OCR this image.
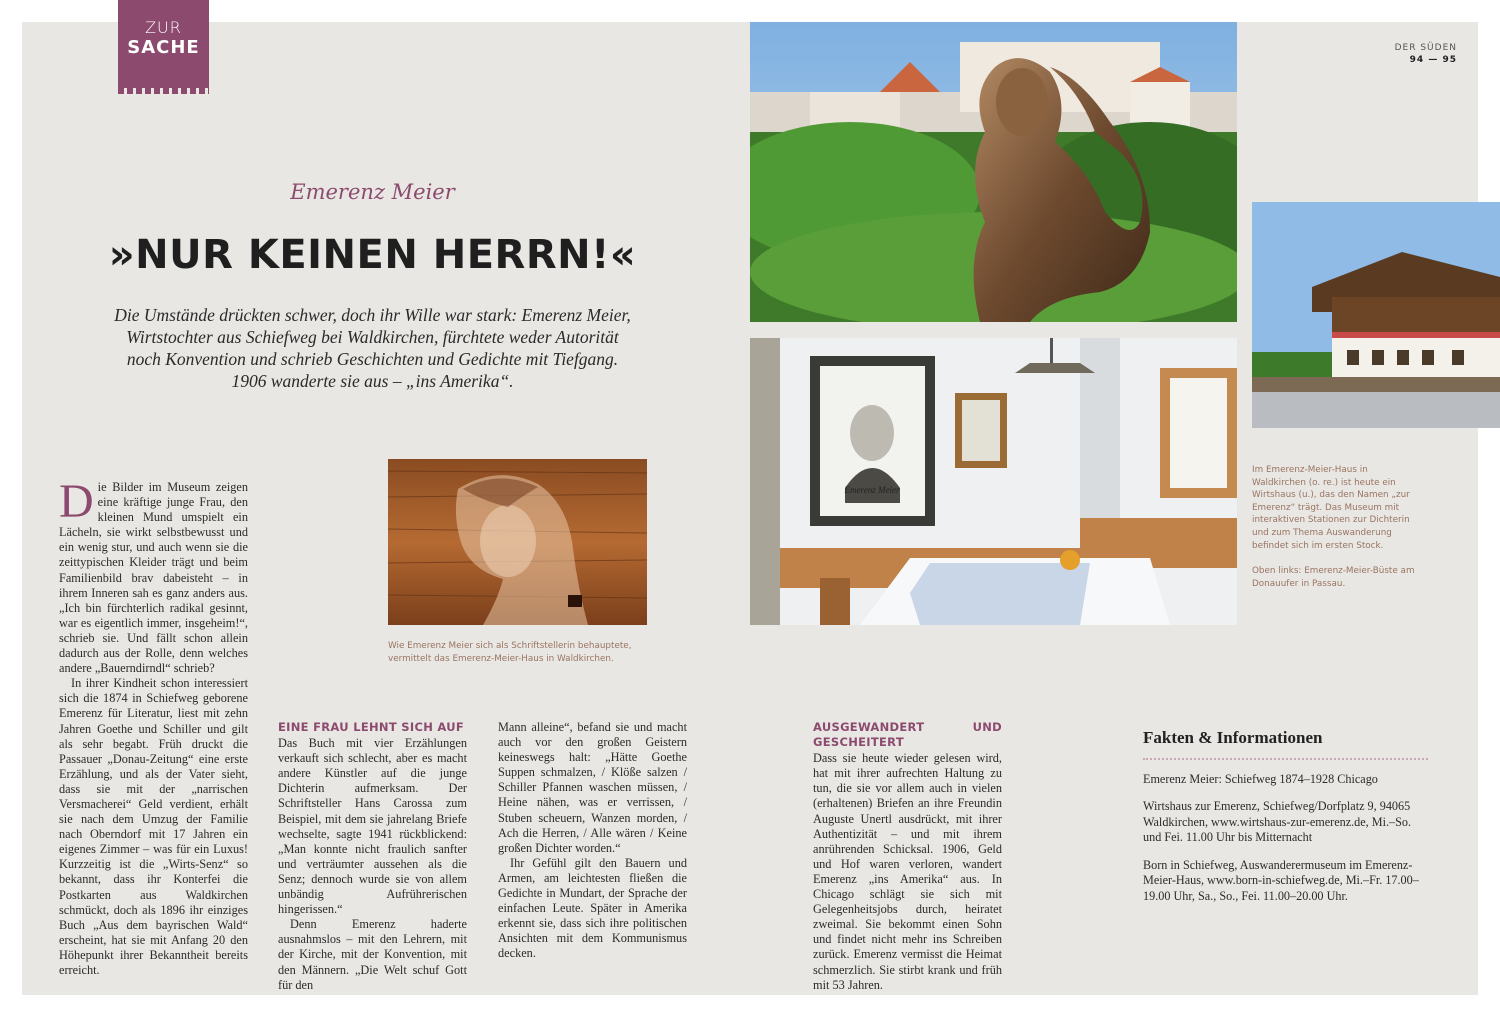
ZUR
SACHE	DER SÜDEN
94 — 95
Emerenz Meier
»NUR KEINEN HERRN!«
Die Umstände drückten schwer, doch ihr Wille war stark: Emerenz Meier, Wirtstochter aus Schiefweg bei Waldkirchen, fürchtete weder Autorität noch Konvention und schrieb Geschichten und Gedichte mit Tiefgang. 1906 wanderte sie aus – „ins Amerika“.
Wie Emerenz Meier sich als Schriftstellerin behauptete, vermittelt das Emerenz-Meier-Haus in Waldkirchen.
Emerenz Meier
Im Emerenz-Meier-Haus in Waldkirchen (o. re.) ist heute ein Wirtshaus (u.), das den Namen „zur Emerenz“ trägt. Das Museum mit interaktiven Stationen zur Dichterin und zum Thema Auswanderung befindet sich im ersten Stock.
Oben links: Emerenz-Meier-Büste am Donauufer in Passau.

Die Bilder im Museum zeigen eine kräftige junge Frau, den kleinen Mund umspielt ein Lächeln, sie wirkt selbstbewusst und ein wenig stur, und auch wenn sie die zeittypischen Kleider trägt und beim Familienbild brav dabeisteht – in ihrem Inneren sah es ganz anders aus. „Ich bin fürchterlich radikal gesinnt, war es eigentlich immer, insgeheim!“, schrieb sie. Und fällt schon allein dadurch aus der Rolle, denn welches andere „Bauerndirndl“ schrieb?

In ihrer Kindheit schon interessiert sich die 1874 in Schiefweg geborene Emerenz für Literatur, liest mit zehn Jahren Goethe und Schiller und gilt als sehr begabt. Früh druckt die Passauer „Donau-Zeitung“ eine erste Erzählung, und als der Vater sieht, dass sie mit der „narrischen Versmacherei“ Geld verdient, erhält sie nach dem Umzug der Familie nach Oberndorf mit 17 Jahren ein eigenes Zimmer – was für ein Luxus! Kurzzeitig ist die „Wirts-Senz“ so bekannt, dass ihr Konterfei die Postkarten aus Waldkirchen schmückt, doch als 1896 ihr einziges Buch „Aus dem bayrischen Wald“ erscheint, hat sie mit Anfang 20 den Höhepunkt ihrer Bekanntheit bereits erreicht.

EINE FRAU LEHNT SICH AUF

Das Buch mit vier Erzählungen verkauft sich schlecht, aber es macht andere Künstler auf die junge Dichterin aufmerksam. Der Schriftsteller Hans Carossa zum Beispiel, mit dem sie jahrelang Briefe wechselte, sagte 1941 rückblickend: „Man konnte nicht fraulich sanfter und verträumter aussehen als die Senz; dennoch wurde sie von allem unbändig Aufrührerischen hingerissen.“

Denn Emerenz haderte ausnahmslos – mit den Lehrern, mit der Kirche, mit der Konvention, mit den Männern. „Die Welt schuf Gott für den

Mann alleine“, befand sie und macht auch vor den großen Geistern keineswegs halt: „Hätte Goethe Suppen schmalzen, / Klöße salzen / Schiller Pfannen waschen müssen, / Heine nähen, was er verrissen, / Stuben scheuern, Wanzen morden, / Ach die Herren, / Alle wären / Keine großen Dichter worden.“

Ihr Gefühl gilt den Bauern und Armen, am leichtesten fließen die Gedichte in Mundart, der Sprache der einfachen Leute. Später in Amerika erkennt sie, dass sich ihre politischen Ansichten mit dem Kommunismus decken.

AUSGEWANDERT UND GESCHEITERT

Dass sie heute wieder gelesen wird, hat mit ihrer aufrechten Haltung zu tun, die sie vor allem auch in vielen (erhaltenen) Briefen an ihre Freundin Auguste Unertl ausdrückt, mit ihrer Authentizität – und mit ihrem anrührenden Schicksal. 1906, Geld und Hof waren verloren, wandert Emerenz „ins Amerika“ aus. In Chicago schlägt sie sich mit Gelegenheitsjobs durch, heiratet zweimal. Sie bekommt einen Sohn und findet nicht mehr ins Schreiben zurück. Emerenz vermisst die Heimat schmerzlich. Sie stirbt krank und früh mit 53 Jahren.

Fakten & Informationen

Emerenz Meier: Schiefweg 1874–1928 Chicago

Wirtshaus zur Emerenz, Schiefweg/Dorfplatz 9, 94065 Waldkirchen, www.wirtshaus-zur-emerenz.de, Mi.–So. und Fei. 11.00 Uhr bis Mitternacht

Born in Schiefweg, Auswanderermuseum im Emerenz-Meier-Haus, www.born-in-schiefweg.de, Mi.–Fr. 17.00–19.00 Uhr, Sa., So., Fei. 11.00–20.00 Uhr.
